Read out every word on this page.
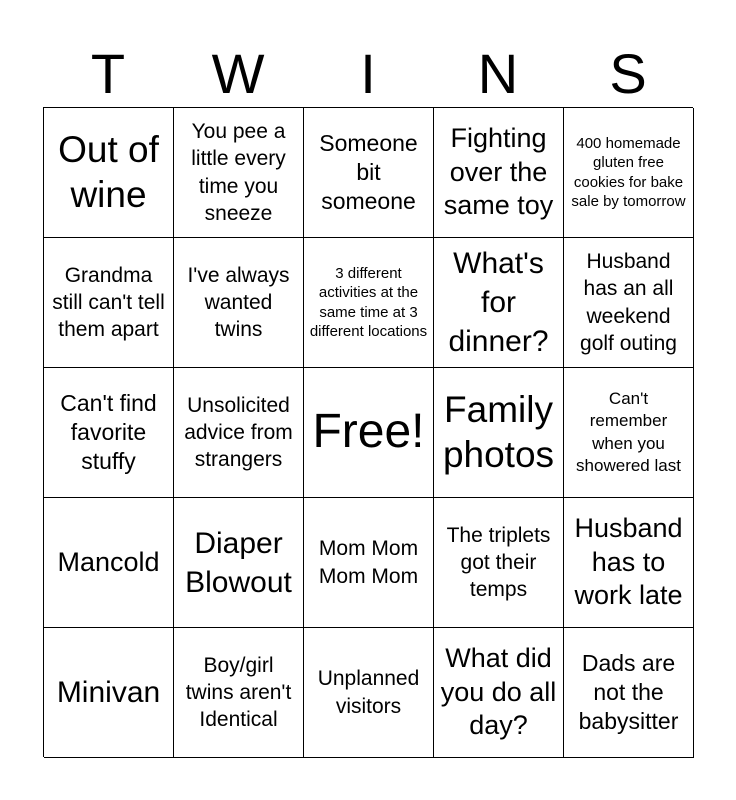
T	W	I	N	S
Out of wine
You pee a little every time you sneeze
Someone bit someone
Fighting over the same toy
400 homemade gluten free cookies for bake sale by tomorrow
Grandma still can't tell them apart
I've always wanted twins
3 different activities at the same time at 3 different locations
What's for dinner?
Husband has an all weekend golf outing
Can't find favorite stuffy
Unsolicited advice from strangers
Free! Family photos
Can't remember when you showered last
Mancold
Diaper Blowout
Mom Mom Mom Mom
The triplets got their temps
Husband has to work late
Minivan
Boy/girl twins aren't Identical
Unplanned visitors
What did you do all day?
Dads are not the babysitter
